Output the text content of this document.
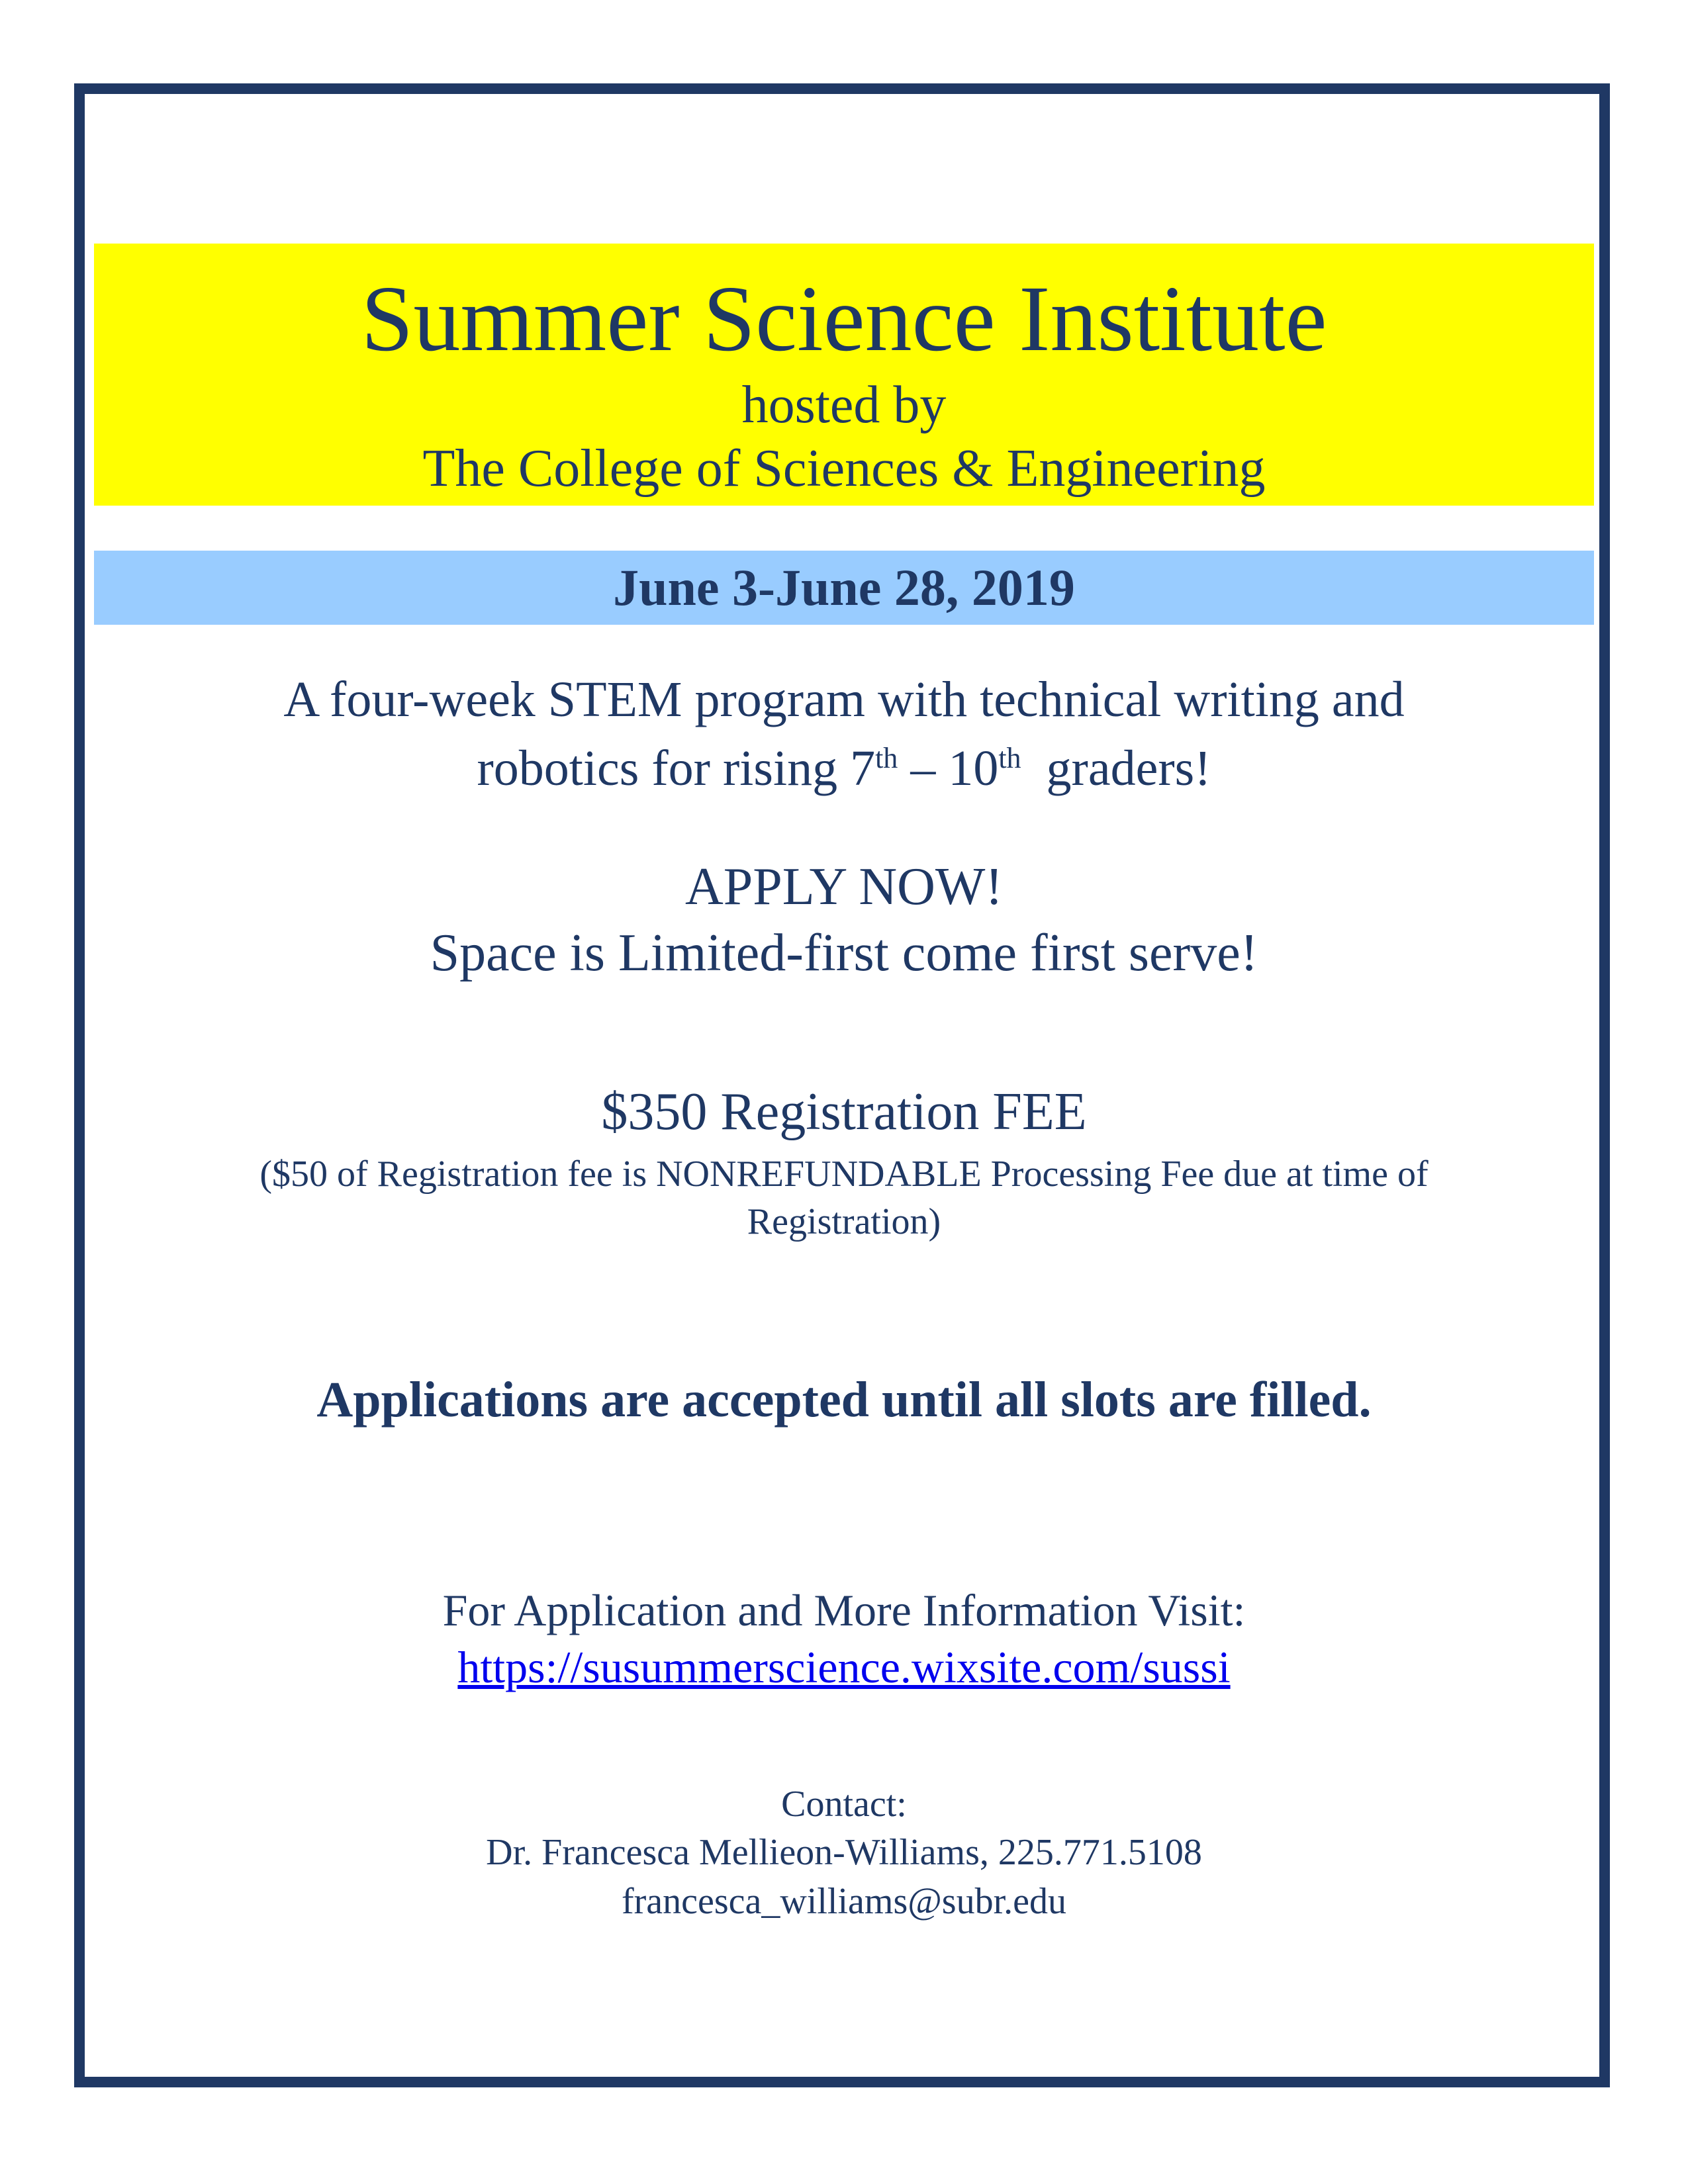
Summer Science Institute
hosted by
The College of Sciences & Engineering
June 3-June 28, 2019
A four-week STEM program with technical writing and
robotics for rising 7th – 10th  graders!
APPLY NOW!
Space is Limited-first come first serve!
$350 Registration FEE
($50 of Registration fee is NONREFUNDABLE Processing Fee due at time of
Registration)
Applications are accepted until all slots are filled.
For Application and More Information Visit:
https://susummerscience.wixsite.com/sussi
Contact:
Dr. Francesca Mellieon-Williams, 225.771.5108
francesca_williams@subr.edu
